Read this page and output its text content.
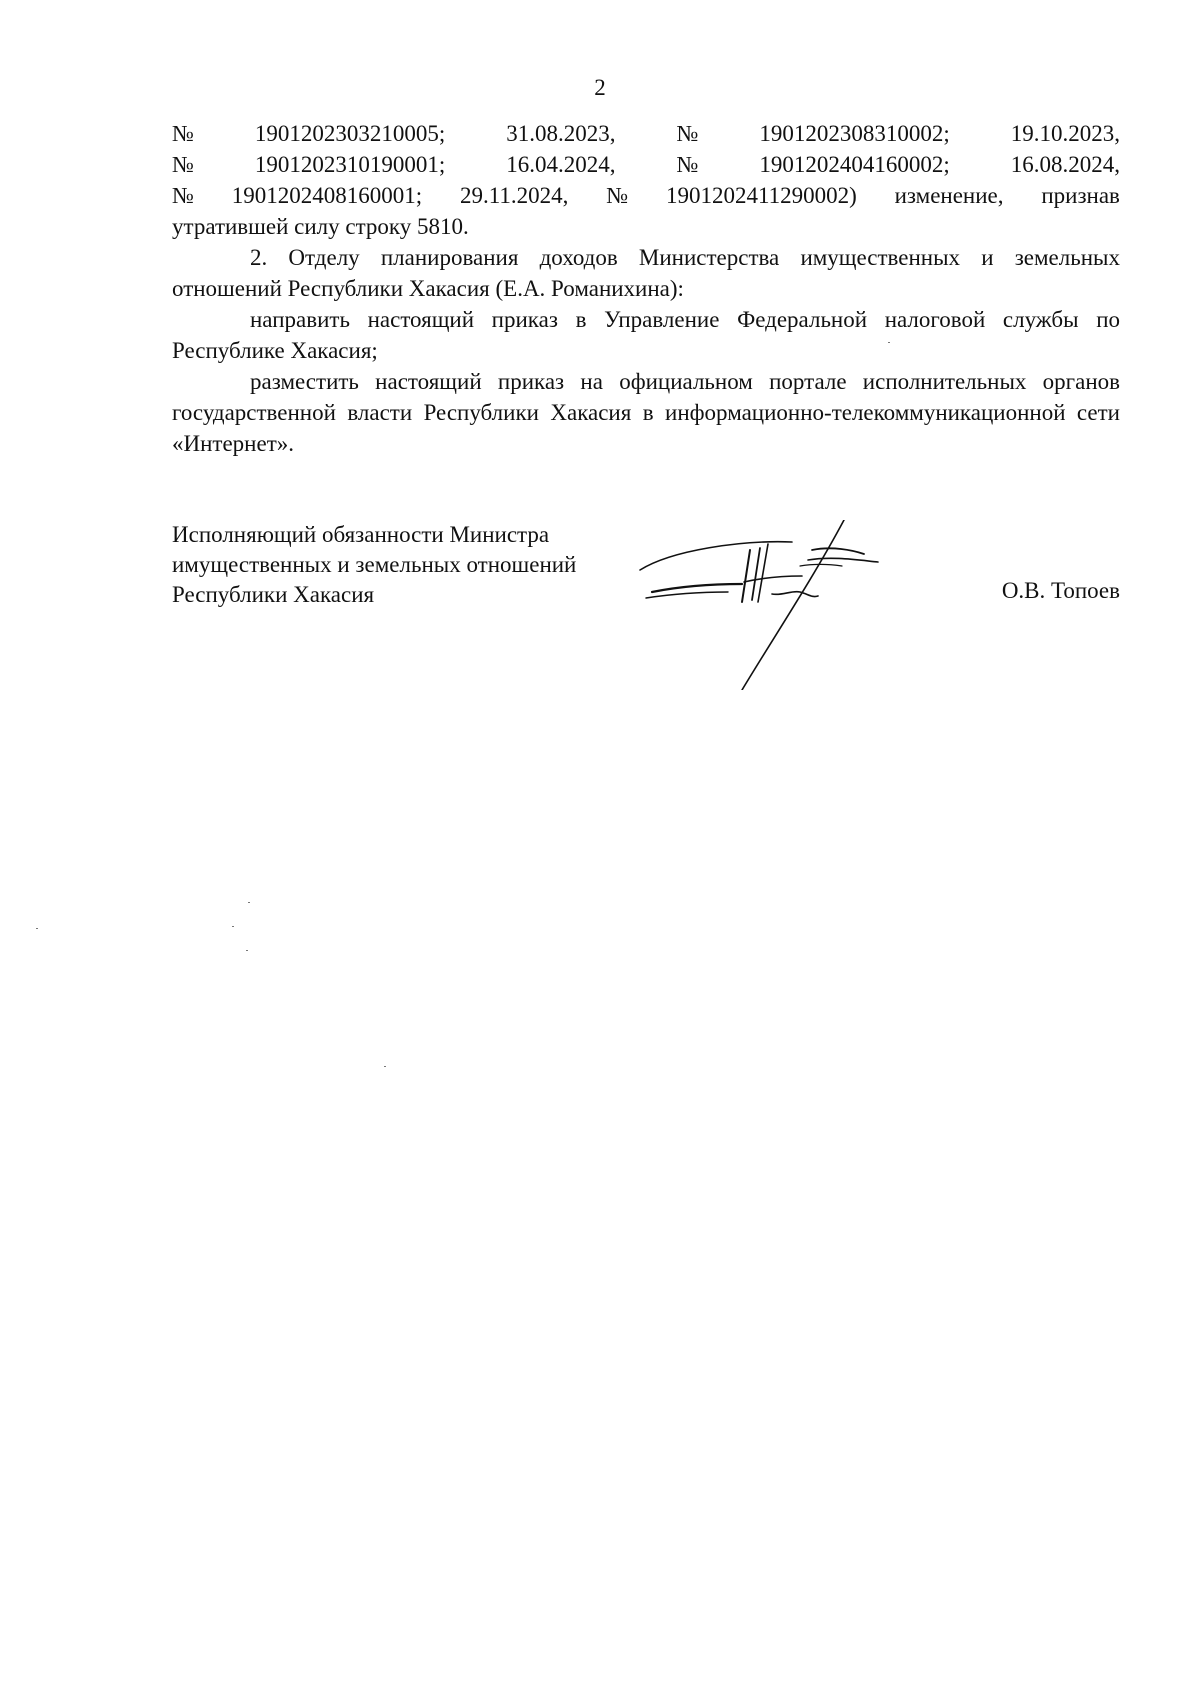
2
№	1901202303210005;	31.08.2023,	№	1901202308310002;	19.10.2023,
№	1901202310190001;	16.04.2024,	№	1901202404160002;	16.08.2024,
№ 1901202408160001; 29.11.2024, № 1901202411290002) изменение, признав

утратившей силу строку 5810.

2. Отделу планирования доходов Министерства имущественных и земельных отношений Республики Хакасия (Е.А. Романихина):

направить настоящий приказ в Управление Федеральной налоговой службы по Республике Хакасия;

разместить настоящий приказ на официальном портале исполнительных органов государственной власти Республики Хакасия в информационно-телекоммуникационной сети «Интернет».

Исполняющий обязанности Министра
имущественных и земельных отношений
Республики Хакасия	О.В. Топоев
